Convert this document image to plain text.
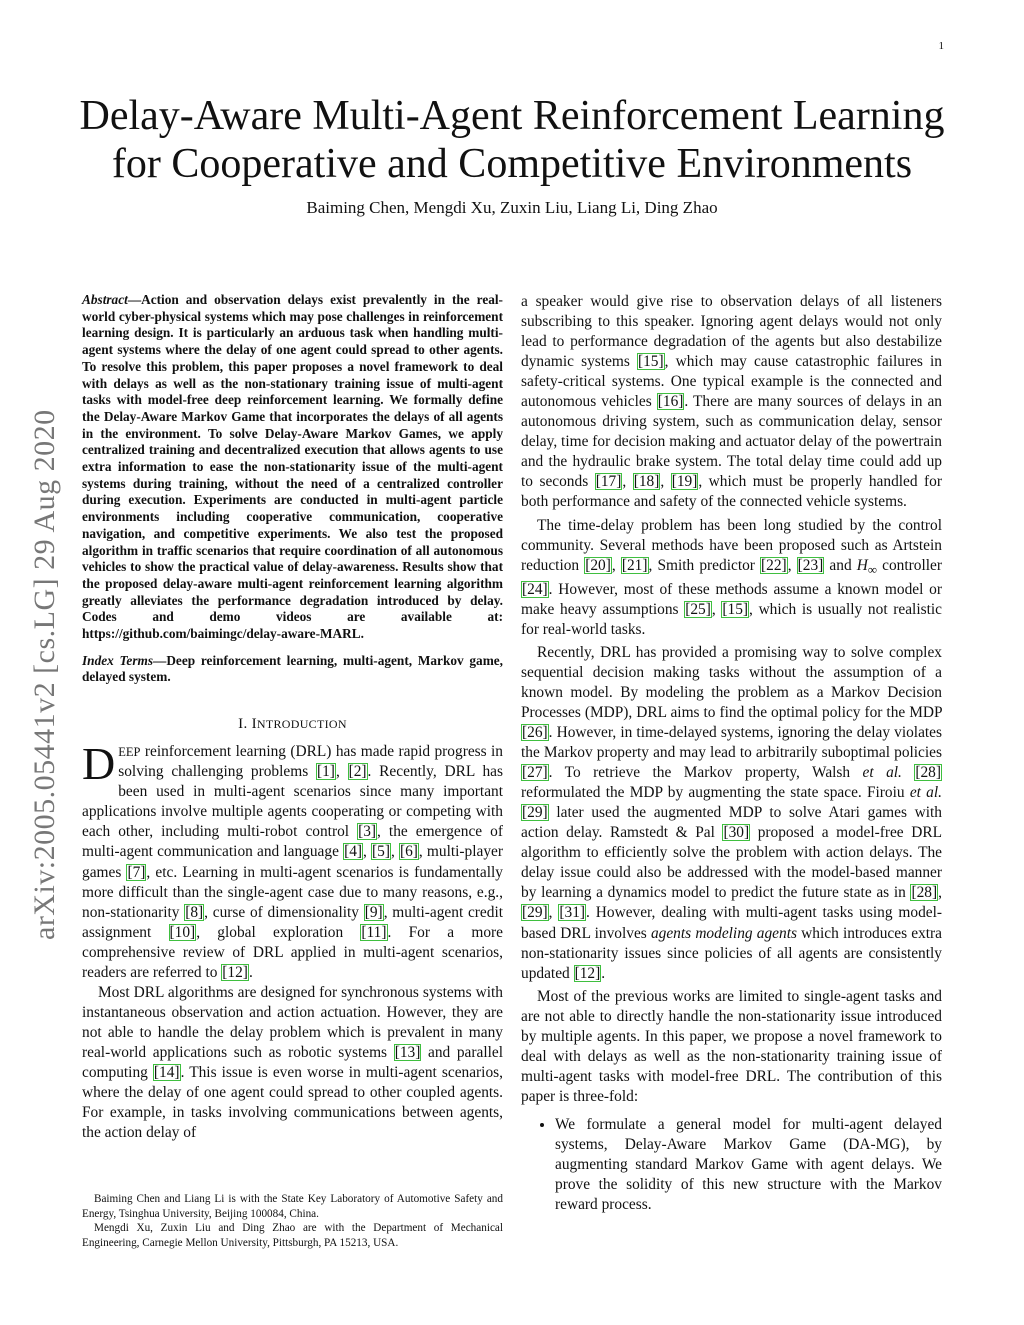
1
arXiv:2005.05441v2 [cs.LG] 29 Aug 2020
Delay-Aware Multi-Agent Reinforcement Learning
for Cooperative and Competitive Environments
Baiming Chen, Mengdi Xu, Zuxin Liu, Liang Li, Ding Zhao
Abstract—Action and observation delays exist prevalently in the real-world cyber-physical systems which may pose challenges in reinforcement learning design. It is particularly an arduous task when handling multi-agent systems where the delay of one agent could spread to other agents. To resolve this problem, this paper proposes a novel framework to deal with delays as well as the non-stationary training issue of multi-agent tasks with model-free deep reinforcement learning. We formally define the Delay-Aware Markov Game that incorporates the delays of all agents in the environment. To solve Delay-Aware Markov Games, we apply centralized training and decentralized execution that allows agents to use extra information to ease the non-stationarity issue of the multi-agent systems during training, without the need of a centralized controller during execution. Experiments are conducted in multi-agent particle environments including cooperative communication, cooperative navigation, and competitive experiments. We also test the proposed algorithm in traffic scenarios that require coordination of all autonomous vehicles to show the practical value of delay-awareness. Results show that the proposed delay-aware multi-agent reinforcement learning algorithm greatly alleviates the performance degradation introduced by delay. Codes and demo videos are available at: https://github.com/baimingc/delay-aware-MARL.
Index Terms—Deep reinforcement learning, multi-agent, Markov game, delayed system.
I. INTRODUCTION

DEEP reinforcement learning (DRL) has made rapid progress in solving challenging problems [1], [2]. Recently, DRL has been used in multi-agent scenarios since many important applications involve multiple agents cooperating or competing with each other, including multi-robot control [3], the emergence of multi-agent communication and language [4], [5], [6], multi-player games [7], etc. Learning in multi-agent scenarios is fundamentally more difficult than the single-agent case due to many reasons, e.g., non-stationarity [8], curse of dimensionality [9], multi-agent credit assignment [10], global exploration [11]. For a more comprehensive review of DRL applied in multi-agent scenarios, readers are referred to [12].

Most DRL algorithms are designed for synchronous systems with instantaneous observation and action actuation. However, they are not able to handle the delay problem which is prevalent in many real-world applications such as robotic systems [13] and parallel computing [14]. This issue is even worse in multi-agent scenarios, where the delay of one agent could spread to other coupled agents. For example, in tasks involving communications between agents, the action delay of

Baiming Chen and Liang Li is with the State Key Laboratory of Automotive Safety and Energy, Tsinghua University, Beijing 100084, China.

Mengdi Xu, Zuxin Liu and Ding Zhao are with the Department of Mechanical Engineering, Carnegie Mellon University, Pittsburgh, PA 15213, USA.

a speaker would give rise to observation delays of all listeners subscribing to this speaker. Ignoring agent delays would not only lead to performance degradation of the agents but also destabilize dynamic systems [15], which may cause catastrophic failures in safety-critical systems. One typical example is the connected and autonomous vehicles [16]. There are many sources of delays in an autonomous driving system, such as communication delay, sensor delay, time for decision making and actuator delay of the powertrain and the hydraulic brake system. The total delay time could add up to seconds [17], [18], [19], which must be properly handled for both performance and safety of the connected vehicle systems.

The time-delay problem has been long studied by the control community. Several methods have been proposed such as Artstein reduction [20], [21], Smith predictor [22], [23] and $H_\infty$ controller [24]. However, most of these methods assume a known model or make heavy assumptions [25], [15], which is usually not realistic for real-world tasks.

Recently, DRL has provided a promising way to solve complex sequential decision making tasks without the assumption of a known model. By modeling the problem as a Markov Decision Processes (MDP), DRL aims to find the optimal policy for the MDP [26]. However, in time-delayed systems, ignoring the delay violates the Markov property and may lead to arbitrarily suboptimal policies [27]. To retrieve the Markov property, Walsh et al. [28] reformulated the MDP by augmenting the state space. Firoiu et al. [29] later used the augmented MDP to solve Atari games with action delay. Ramstedt & Pal [30] proposed a model-free DRL algorithm to efficiently solve the problem with action delays. The delay issue could also be addressed with the model-based manner by learning a dynamics model to predict the future state as in [28], [29], [31]. However, dealing with multi-agent tasks using model-based DRL involves agents modeling agents which introduces extra non-stationarity issues since policies of all agents are consistently updated [12].

Most of the previous works are limited to single-agent tasks and are not able to directly handle the non-stationarity issue introduced by multiple agents. In this paper, we propose a novel framework to deal with delays as well as the non-stationarity training issue of multi-agent tasks with model-free DRL. The contribution of this paper is three-fold:

• We formulate a general model for multi-agent delayed systems, Delay-Aware Markov Game (DA-MG), by augmenting standard Markov Game with agent delays. We prove the solidity of this new structure with the Markov reward process.
